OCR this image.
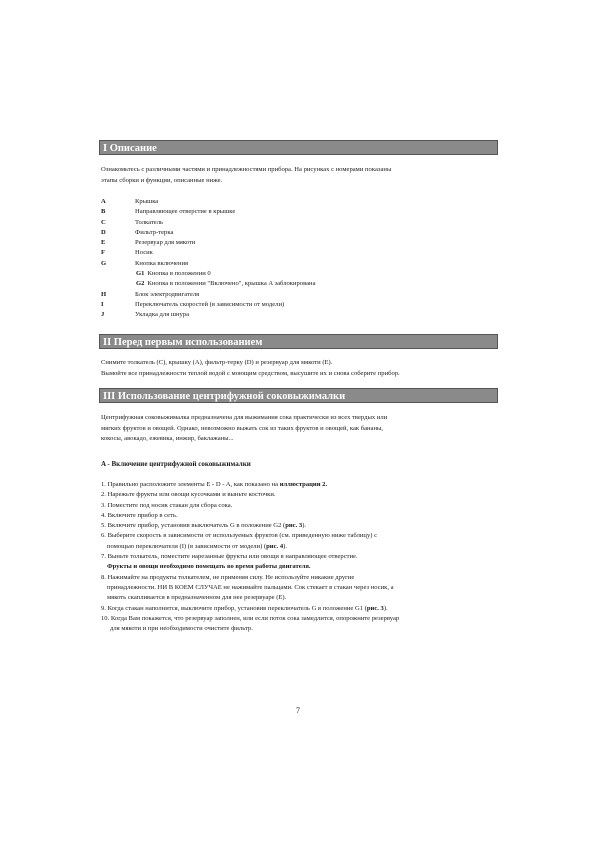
I Описание
Ознакомьтесь с различными частями и принадлежностями прибора. На рисунках с номерами показаны
этапы сборки и функции, описанные ниже.
A	Крышка
B	Направляющее отверстие в крышке
C	Толкатель
D	Фильтр-терка
E	Резервуар для мякоти
F	Носик
G	Кнопка включения
G1 Кнопка в положении 0
G2 Кнопка в положении "Включено", крышка A заблокирована
H	Блок электродвигателя
I	Переключатель скоростей (в зависимости от модели)
J	Укладка для шнура
II Перед первым использованием
Снимите толкатель (C), крышку (A), фильтр-терку (D) и резервуар для мякоти (E).
Вымойте все принадлежности теплой водой с моющим средством, высушите их и снова соберите прибор.
III Использование центрифужной соковыжималки
Центрифужная соковыжималка предназначена для выжимания сока практически из всех твердых или
мягких фруктов и овощей. Однако, невозможно выжать сок из таких фруктов и овощей, как бананы,
кокосы, авокадо, ежевика, инжир, баклажаны...
A - Включение центрифужной соковыжималки
1. Правильно расположите элементы E - D - A, как показано на иллюстрации 2.
2. Нарежьте фрукты или овощи кусочками и выньте косточки.
3. Поместите под носик стакан для сбора сока.
4. Включите прибор в сеть.
5. Включите прибор, установив выключатель G в положение G2 (рис. 3).
6. Выберите скорость в зависимости от используемых фруктов (см. приведенную ниже таблицу) с
помощью переключателя (I) (в зависимости от модели) (рис. 4).
7. Выньте толкатель, поместите нарезанные фрукты или овощи в направляющее отверстие.
Фрукты и овощи необходимо помещать во время работы двигателя.
8. Нажимайте на продукты толкателем, не применяя силу. Не используйте никакие другие
принадлежности. НИ В КОЕМ СЛУЧАЕ не нажимайте пальцами. Сок стекает в стакан через носик, а
мякоть скапливается в предназначенном для нее резервуаре (E).
9. Когда стакан наполнится, выключите прибор, установив переключатель G в положение G1 (рис. 3).
10. Когда Вам покажется, что резервуар заполнен, или если поток сока замедлится, опорожните резервуар
для мякоти и при необходимости очистите фильтр.
7
